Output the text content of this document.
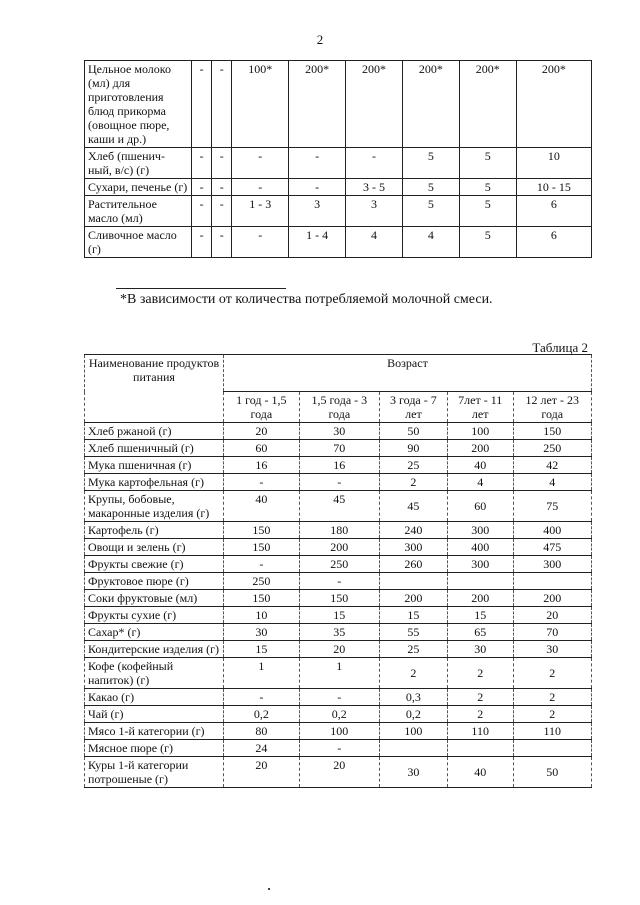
2
Цельное молоко (мл) для приготовления блюд прикорма (овощное пюре, каши и др.)	-	-	100*	200*	200*	200*	200*	200*
Хлеб (пшенич-ный, в/с) (г)	-	-	-	-	-	5	5	10
Сухари, печенье (г)	-	-	-	-	3 - 5	5	5	10 - 15
Растительное масло (мл)	-	-	1 - 3	3	3	5	5	6
Сливочное масло (г)	-	-	-	1 - 4	4	4	5	6
*В зависимости от количества потребляемой молочной смеси.
Таблица 2
Наименование продуктов питания	Возраст				
	1 год - 1,5 года	1,5 года - 3 года	3 года - 7 лет	7лет - 11 лет	12 лет - 23 года
Хлеб ржаной (г)	20	30	50	100	150
Хлеб пшеничный (г)	60	70	90	200	250
Мука пшеничная (г)	16	16	25	40	42
Мука картофельная (г)	-	-	2	4	4
Крупы, бобовые, макаронные изделия (г)	40	45	45	60	75
Картофель (г)	150	180	240	300	400
Овощи и зелень (г)	150	200	300	400	475
Фрукты свежие (г)	-	250	260	300	300
Фруктовое пюре (г)	250	-			
Соки фруктовые (мл)	150	150	200	200	200
Фрукты сухие (г)	10	15	15	15	20
Сахар* (г)	30	35	55	65	70
Кондитерские изделия (г)	15	20	25	30	30
Кофе (кофейный напиток) (г)	1	1	2	2	2
Какао (г)	-	-	0,3	2	2
Чай (г)	0,2	0,2	0,2	2	2
Мясо 1-й категории (г)	80	100	100	110	110
Мясное пюре (г)	24	-			
Куры 1-й категории потрошеные (г)	20	20	30	40	50
